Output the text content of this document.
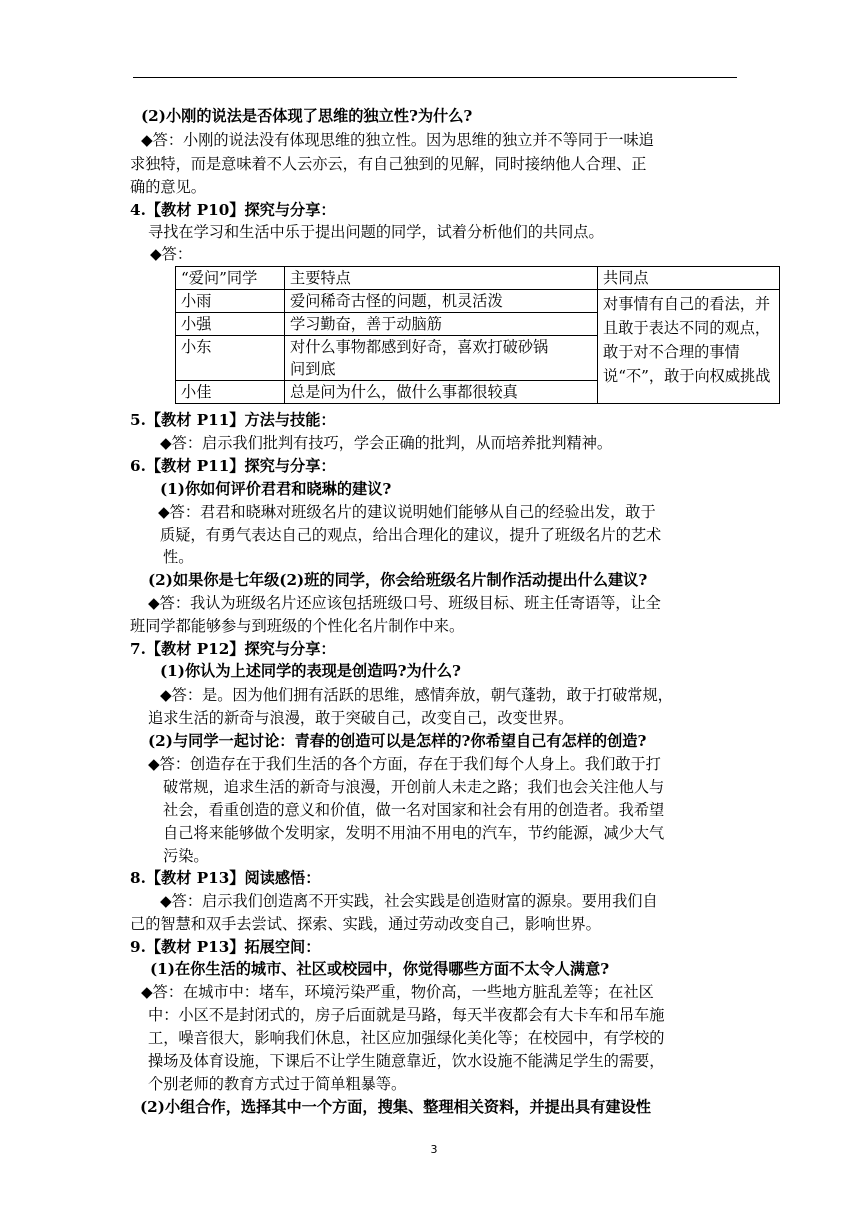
(2)小刚的说法是否体现了思维的独立性?为什么?
◆答：小刚的说法没有体现思维的独立性。因为思维的独立并不等同于一味追
求独特，而是意味着不人云亦云，有自己独到的见解，同时接纳他人合理、正
确的意见。
4.【教材 P10】探究与分享：
寻找在学习和生活中乐于提出问题的同学，试着分析他们的共同点。
◆答：
“爱问”同学	主要特点	共同点
小雨	爱问稀奇古怪的问题，机灵活泼	对事情有自己的看法，并且敢于表达不同的观点，敢于对不合理的事情说“不”，敢于向权威挑战
小强	学习勤奋，善于动脑筋	
小东	对什么事物都感到好奇，喜欢打破砂锅
问到底	

小佳	总是问为什么，做什么事都很较真	
5.【教材 P11】方法与技能：
◆答：启示我们批判有技巧，学会正确的批判，从而培养批判精神。
6.【教材 P11】探究与分享：
(1)你如何评价君君和晓琳的建议?
◆答：君君和晓琳对班级名片的建议说明她们能够从自己的经验出发，敢于
质疑，有勇气表达自己的观点，给出合理化的建议，提升了班级名片的艺术
性。
(2)如果你是七年级(2)班的同学，你会给班级名片制作活动提出什么建议?
◆答：我认为班级名片还应该包括班级口号、班级目标、班主任寄语等，让全
班同学都能够参与到班级的个性化名片制作中来。
7.【教材 P12】探究与分享：
(1)你认为上述同学的表现是创造吗?为什么?
◆答：是。因为他们拥有活跃的思维，感情奔放，朝气蓬勃，敢于打破常规，
追求生活的新奇与浪漫，敢于突破自己，改变自己，改变世界。
(2)与同学一起讨论：青春的创造可以是怎样的?你希望自己有怎样的创造?
◆答：创造存在于我们生活的各个方面，存在于我们每个人身上。我们敢于打
破常规，追求生活的新奇与浪漫，开创前人未走之路；我们也会关注他人与
社会，看重创造的意义和价值，做一名对国家和社会有用的创造者。我希望
自己将来能够做个发明家，发明不用油不用电的汽车，节约能源，减少大气
污染。
8.【教材 P13】阅读感悟：
◆答：启示我们创造离不开实践，社会实践是创造财富的源泉。要用我们自
己的智慧和双手去尝试、探索、实践，通过劳动改变自己，影响世界。
9.【教材 P13】拓展空间：
(1)在你生活的城市、社区或校园中，你觉得哪些方面不太令人满意?
◆答：在城市中：堵车，环境污染严重，物价高，一些地方脏乱差等；在社区
中：小区不是封闭式的，房子后面就是马路，每天半夜都会有大卡车和吊车施
工，噪音很大，影响我们休息，社区应加强绿化美化等；在校园中，有学校的
操场及体育设施，下课后不让学生随意靠近，饮水设施不能满足学生的需要，
个别老师的教育方式过于简单粗暴等。
(2)小组合作，选择其中一个方面，搜集、整理相关资料，并提出具有建设性
3
